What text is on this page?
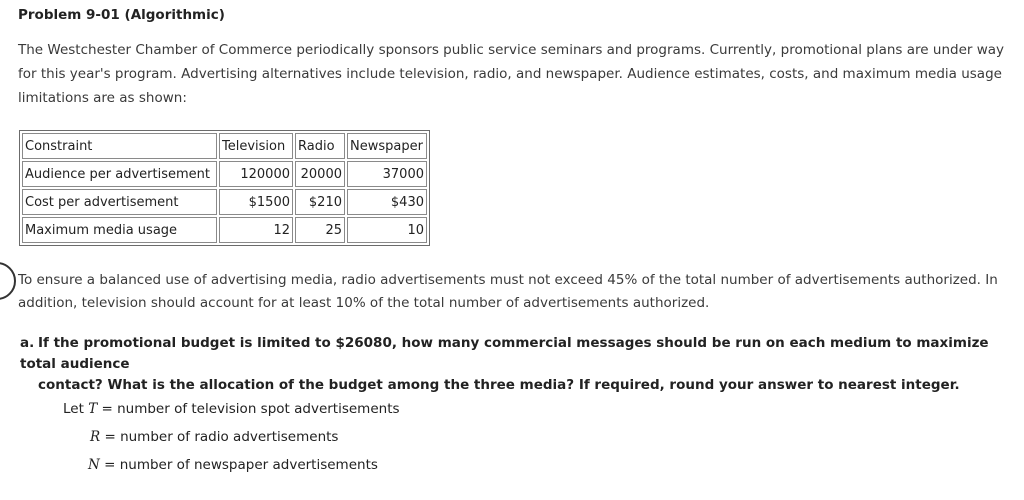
Problem 9-01 (Algorithmic)

The Westchester Chamber of Commerce periodically sponsors public service seminars and programs. Currently, promotional plans are under way
for this year's program. Advertising alternatives include television, radio, and newspaper. Audience estimates, costs, and maximum media usage
limitations are as shown:

Constraint	Television	Radio	Newspaper
Audience per advertisement	120000	20000	37000
Cost per advertisement	$1500	$210	$430
Maximum media usage	12	25	10

To ensure a balanced use of advertising media, radio advertisements must not exceed 45% of the total number of advertisements authorized. In
addition, television should account for at least 10% of the total number of advertisements authorized.

a. If the promotional budget is limited to $26080, how many commercial messages should be run on each medium to maximize total audience
contact? What is the allocation of the budget among the three media? If required, round your answer to nearest integer.

Let T = number of television spot advertisements
R = number of radio advertisements
N = number of newspaper advertisements
